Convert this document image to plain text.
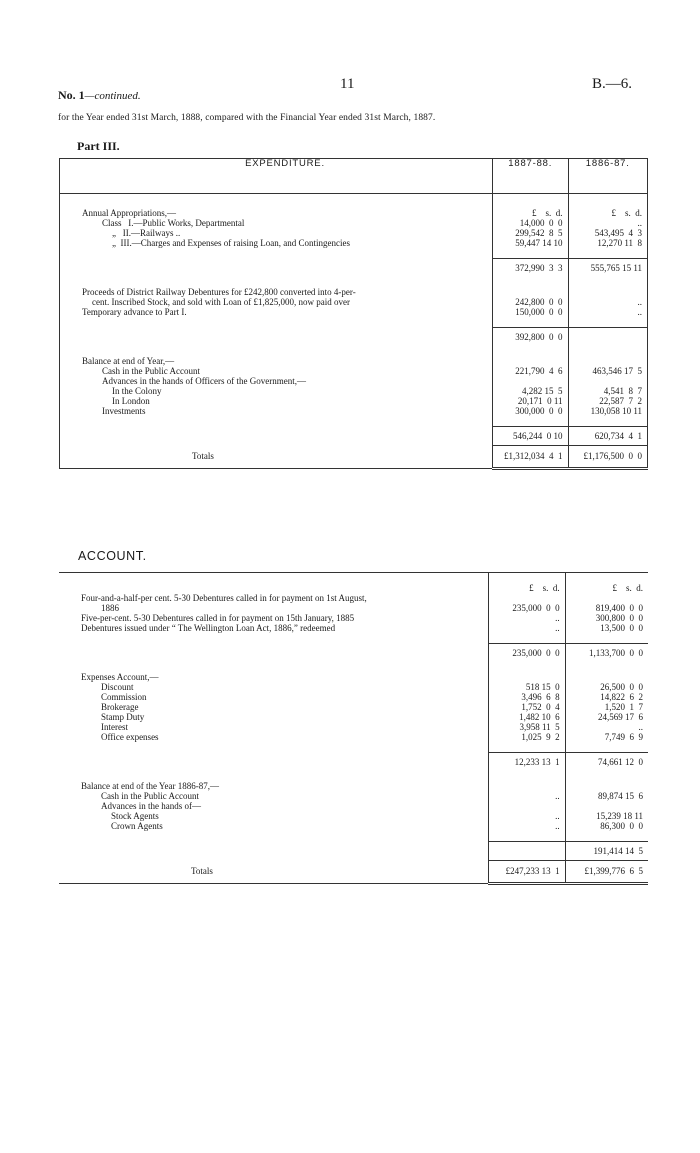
No. 1—continued.
11	B.—6.
for the Year ended 31st March, 1888, compared with the Financial Year ended 31st March, 1887.
Part III.
EXPENDITURE.	1887-88.	1886-87.

Annual Appropriations,—	£    s.  d.	£    s.  d.
Class   I.—Public Works, Departmental	14,000  0  0	..
„   II.—Railways ..	299,542  8  5	543,495  4  3
„  III.—Charges and Expenses of raising Loan, and Contingencies	59,447 14 10	12,270 11  8

	372,990  3  3	555,765 15 11

Proceeds of District Railway Debentures for £242,800 converted into 4-per-		
cent. Inscribed Stock, and sold with Loan of £1,825,000, now paid over	242,800  0  0	..
Temporary advance to Part I.	150,000  0  0	..

	392,800  0  0	

Balance at end of Year,—		
Cash in the Public Account	221,790  4  6	463,546 17  5
Advances in the hands of Officers of the Government,—		
In the Colony	4,282 15  5	4,541  8  7
In London	20,171  0 11	22,587  7  2
Investments	300,000  0  0	130,058 10 11

	546,244  0 10	620,734  4  1
Totals	£1,312,034  4  1	£1,176,500  0  0
ACCOUNT.

	£    s.  d.	£    s.  d.
Four-and-a-half-per cent. 5-30 Debentures called in for payment on 1st August,		
1886	235,000  0  0	819,400  0  0
Five-per-cent. 5-30 Debentures called in for payment on 15th January, 1885	..	300,800  0  0
Debentures issued under “ The Wellington Loan Act, 1886,” redeemed	..	13,500  0  0

	235,000  0  0	1,133,700  0  0

Expenses Account,—		
Discount	518 15  0	26,500  0  0
Commission	3,496  6  8	14,822  6  2
Brokerage	1,752  0  4	1,520  1  7
Stamp Duty	1,482 10  6	24,569 17  6
Interest	3,958 11  5	..
Office expenses	1,025  9  2	7,749  6  9

	12,233 13  1	74,661 12  0

Balance at end of the Year 1886-87,—		
Cash in the Public Account	..	89,874 15  6
Advances in the hands of—		
Stock Agents	..	15,239 18 11
Crown Agents	..	86,300  0  0

		191,414 14  5
Totals	£247,233 13  1	£1,399,776  6  5
